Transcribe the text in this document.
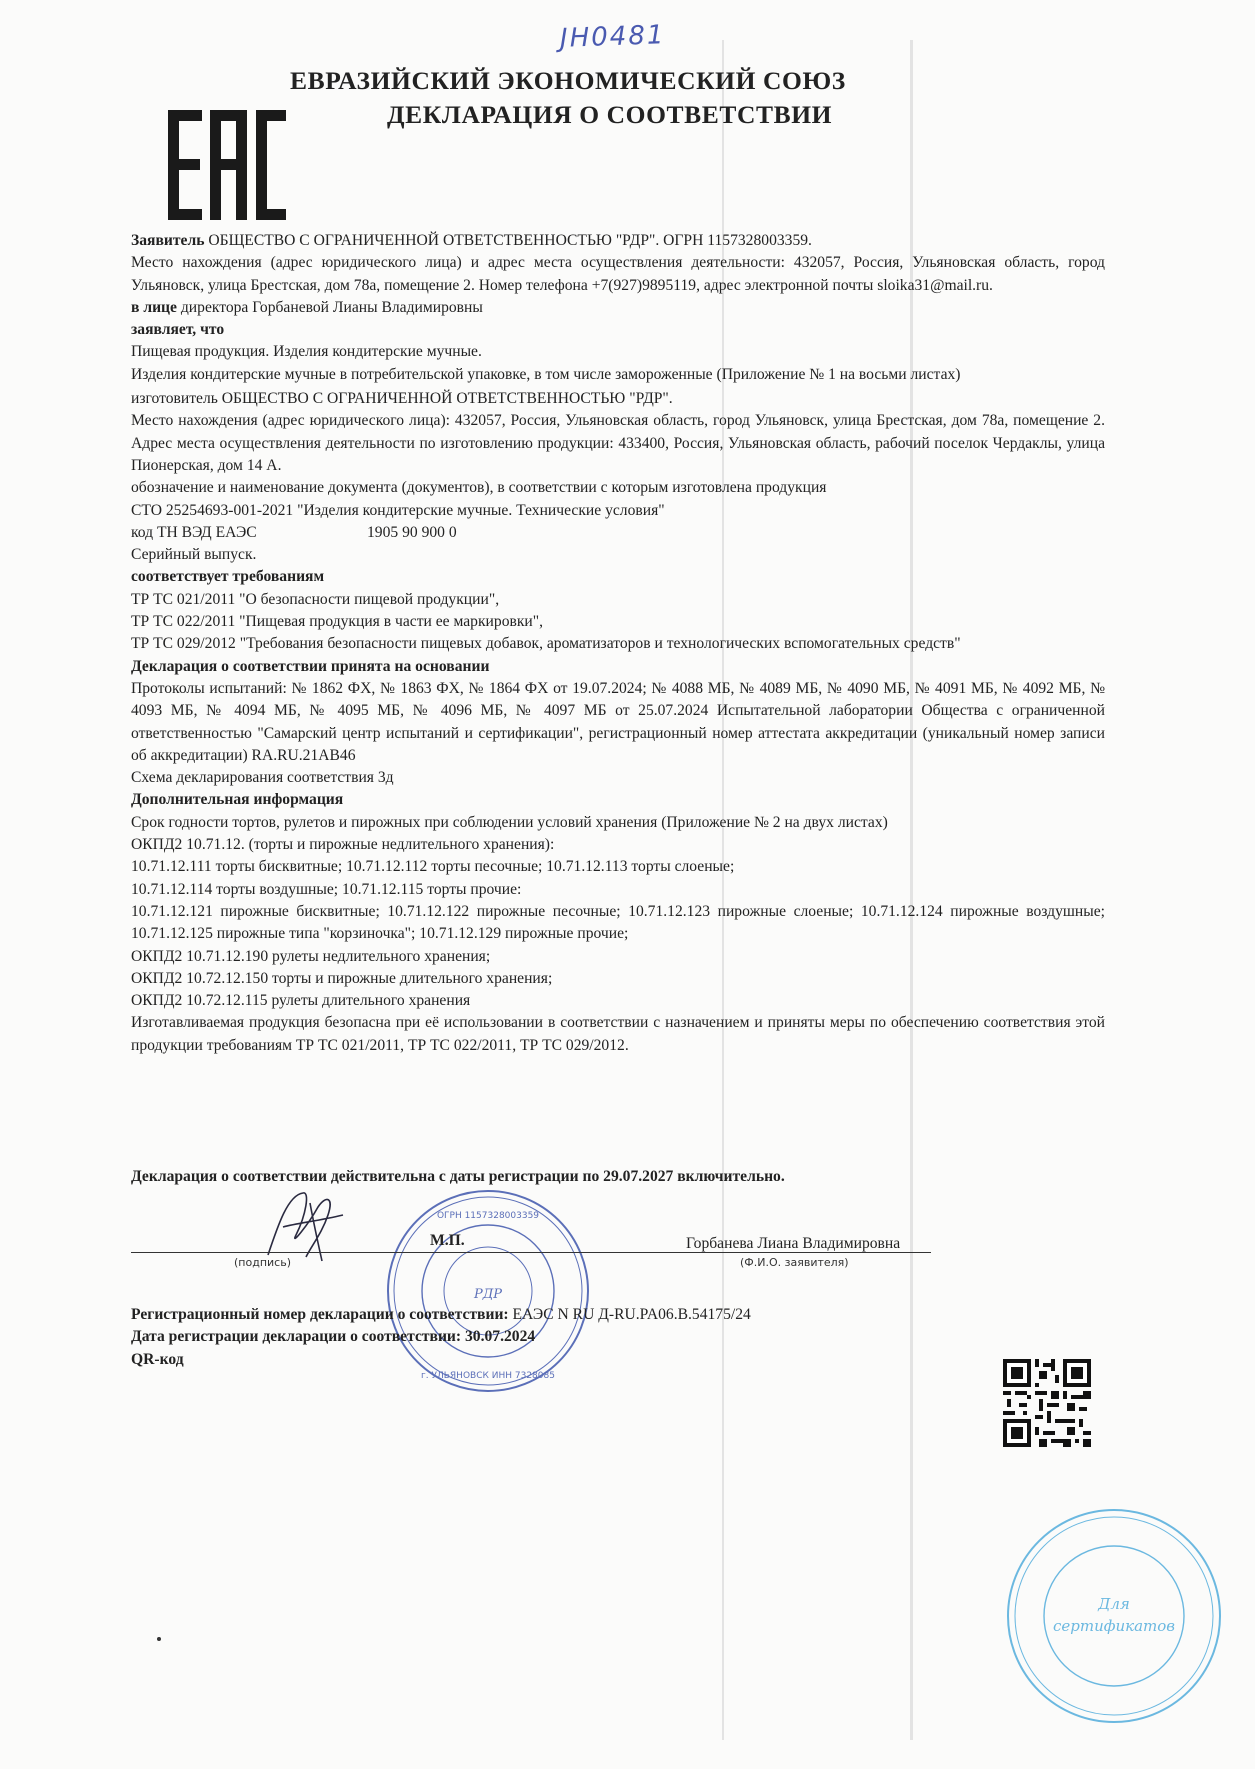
JH0481
ЕВРАЗИЙСКИЙ ЭКОНОМИЧЕСКИЙ СОЮЗ
ДЕКЛАРАЦИЯ О СООТВЕТСТВИИ

Заявитель ОБЩЕСТВО С ОГРАНИЧЕННОЙ ОТВЕТСТВЕННОСТЬЮ "РДР". ОГРН 1157328003359.

Место нахождения (адрес юридического лица) и адрес места осуществления деятельности: 432057, Россия, Ульяновская область, город Ульяновск, улица Брестская, дом 78а, помещение 2. Номер телефона +7(927)9895119, адрес электронной почты sloika31@mail.ru.

в лице директора Горбаневой Лианы Владимировны

заявляет, что

Пищевая продукция. Изделия кондитерские мучные.

Изделия кондитерские мучные в потребительской упаковке, в том числе замороженные (Приложение № 1 на восьми листах)

изготовитель ОБЩЕСТВО С ОГРАНИЧЕННОЙ ОТВЕТСТВЕННОСТЬЮ "РДР".

Место нахождения (адрес юридического лица): 432057, Россия, Ульяновская область, город Ульяновск, улица Брестская, дом 78а, помещение 2. Адрес места осуществления деятельности по изготовлению продукции: 433400, Россия, Ульяновская область, рабочий поселок Чердаклы, улица Пионерская, дом 14 А.

обозначение и наименование документа (документов), в соответствии с которым изготовлена продукция

СТО 25254693-001-2021 "Изделия кондитерские мучные. Технические условия"

код ТН ВЭД ЕАЭС	1905 90 900 0

Серийный выпуск.

соответствует требованиям

ТР ТС 021/2011 "О безопасности пищевой продукции",

ТР ТС 022/2011 "Пищевая продукция в части ее маркировки",

ТР ТС 029/2012 "Требования безопасности пищевых добавок, ароматизаторов и технологических вспомогательных средств"

Декларация о соответствии принята на основании

Протоколы испытаний: № 1862 ФХ, № 1863 ФХ, № 1864 ФХ от 19.07.2024; № 4088 МБ, № 4089 МБ, № 4090 МБ, № 4091 МБ, № 4092 МБ, № 4093 МБ, № 4094 МБ, № 4095 МБ, № 4096 МБ, № 4097 МБ от 25.07.2024 Испытательной лаборатории Общества с ограниченной ответственностью "Самарский центр испытаний и сертификации", регистрационный номер аттестата аккредитации (уникальный номер записи об аккредитации) RA.RU.21АВ46

Схема декларирования соответствия 3д

Дополнительная информация

Срок годности тортов, рулетов и пирожных при соблюдении условий хранения (Приложение № 2 на двух листах)

ОКПД2 10.71.12. (торты и пирожные недлительного хранения):

10.71.12.111 торты бисквитные; 10.71.12.112 торты песочные; 10.71.12.113 торты слоеные;

10.71.12.114 торты воздушные; 10.71.12.115 торты прочие:

10.71.12.121 пирожные бисквитные; 10.71.12.122 пирожные песочные; 10.71.12.123 пирожные слоеные; 10.71.12.124 пирожные воздушные; 10.71.12.125 пирожные типа "корзиночка"; 10.71.12.129 пирожные прочие;

ОКПД2 10.71.12.190 рулеты недлительного хранения;

ОКПД2 10.72.12.150 торты и пирожные длительного хранения;

ОКПД2 10.72.12.115 рулеты длительного хранения

Изготавливаемая продукция безопасна при её использовании в соответствии с назначением и приняты меры по обеспечению соответствия этой продукции требованиям ТР ТС 021/2011, ТР ТС 022/2011, ТР ТС 029/2012.

Декларация о соответствии действительна с даты регистрации по 29.07.2027 включительно.
ОГРН 1157328003359
РДР
г. УЛЬЯНОВСК ИНН 7328085
(подпись)	(Ф.И.О. заявителя)
М.П.	Горбанева Лиана Владимировна

Регистрационный номер декларации о соответствии: ЕАЭС N RU Д-RU.PA06.B.54175/24

Дата регистрации декларации о соответствии: 30.07.2024

QR-код

Для
сертификатов
